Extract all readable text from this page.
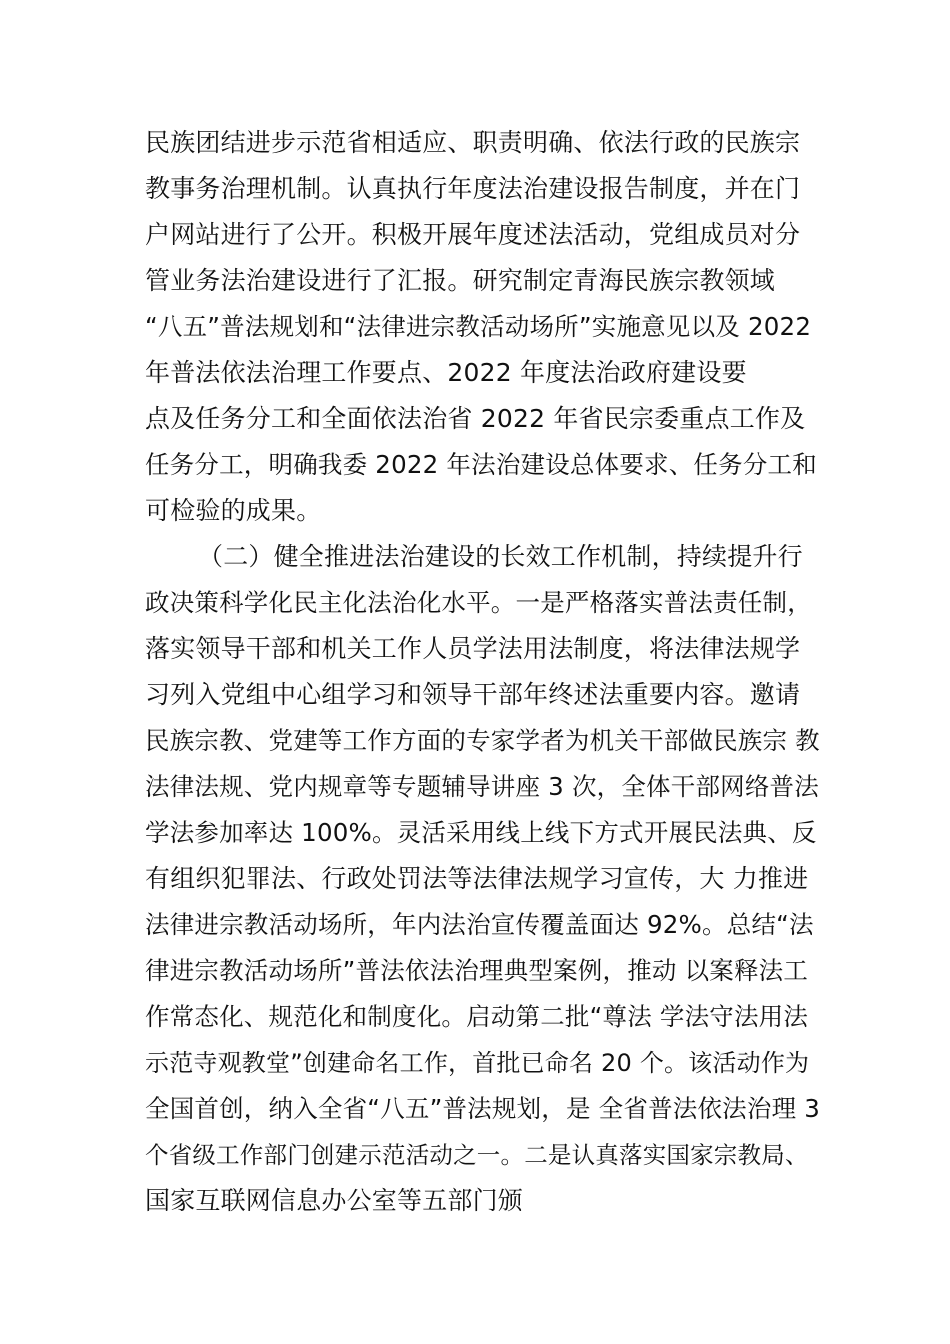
民族团结进步示范省相适应、职责明确、依法行政的民族宗
教事务治理机制。认真执行年度法治建设报告制度，并在门
户网站进行了公开。积极开展年度述法活动，党组成员对分
管业务法治建设进行了汇报。研究制定青海民族宗教领域
“八五”普法规划和“法律进宗教活动场所”实施意见以及 2022
年普法依法治理工作要点、2022 年度法治政府建设要
点及任务分工和全面依法治省 2022 年省民宗委重点工作及
任务分工，明确我委 2022 年法治建设总体要求、任务分工和
可检验的成果。
（二）健全推进法治建设的长效工作机制，持续提升行
政决策科学化民主化法治化水平。一是严格落实普法责任制，
落实领导干部和机关工作人员学法用法制度，将法律法规学
习列入党组中心组学习和领导干部年终述法重要内容。邀请
民族宗教、党建等工作方面的专家学者为机关干部做民族宗 教
法律法规、党内规章等专题辅导讲座 3 次，全体干部网络普法
学法参加率达 100%。灵活采用线上线下方式开展民法典、反
有组织犯罪法、行政处罚法等法律法规学习宣传，大 力推进
法律进宗教活动场所，年内法治宣传覆盖面达 92%。总结“法
律进宗教活动场所”普法依法治理典型案例，推动 以案释法工
作常态化、规范化和制度化。启动第二批“尊法 学法守法用法
示范寺观教堂”创建命名工作，首批已命名 20 个。该活动作为
全国首创，纳入全省“八五”普法规划，是 全省普法依法治理 3
个省级工作部门创建示范活动之一。二是认真落实国家宗教局、
国家互联网信息办公室等五部门颁
